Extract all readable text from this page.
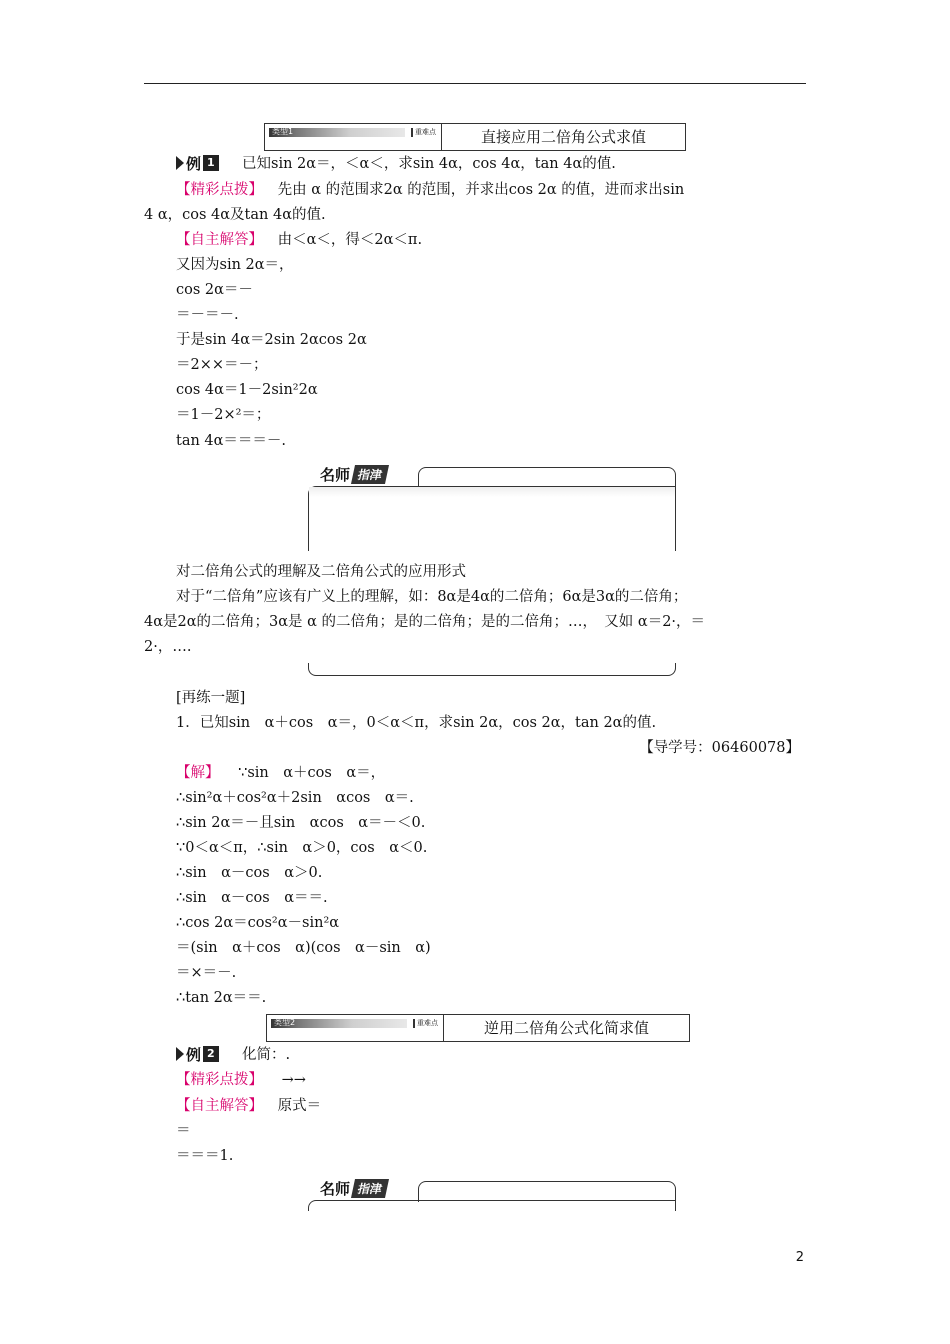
类型1	重难点	直接应用二倍角公式求值
例 1 已知sin 2α＝，＜α＜，求sin 4α，cos 4α，tan 4α的值.
【精彩点拨】 先由 α 的范围求2α 的范围，并求出cos 2α 的值，进而求出sin
4 α，cos 4α及tan 4α的值.
【自主解答】 由＜α＜，得＜2α＜π.
又因为sin 2α＝，
cos 2α＝－
＝－＝－.
于是sin 4α＝2sin 2αcos 2α
＝2××＝－；
cos 4α＝1－2sin²2α
＝1－2×²＝；
tan 4α＝＝＝－.
名师 指津
对二倍角公式的理解及二倍角公式的应用形式
对于“二倍角”应该有广义上的理解，如：8α是4α的二倍角；6α是3α的二倍角；
4α是2α的二倍角；3α是 α 的二倍角；是的二倍角；是的二倍角；…，　又如 α＝2·，＝
2·，….
[再练一题]
1．已知sin　α＋cos　α＝，0＜α＜π，求sin 2α，cos 2α，tan 2α的值.
【导学号：06460078】
【解】 ∵sin　α＋cos　α＝，
∴sin²α＋cos²α＋2sin　αcos　α＝.
∴sin 2α＝－且sin　αcos　α＝－＜0.
∵0＜α＜π，∴sin　α＞0，cos　α＜0.
∴sin　α－cos　α＞0.
∴sin　α－cos　α＝＝.
∴cos 2α＝cos²α－sin²α
＝(sin　α＋cos　α)(cos　α－sin　α)
＝×＝－.
∴tan 2α＝＝.
类型2	重难点	逆用二倍角公式化简求值
例 2 化简：.
【精彩点拨】 →→
【自主解答】 原式＝
＝
＝＝＝1.
名师 指津
2
